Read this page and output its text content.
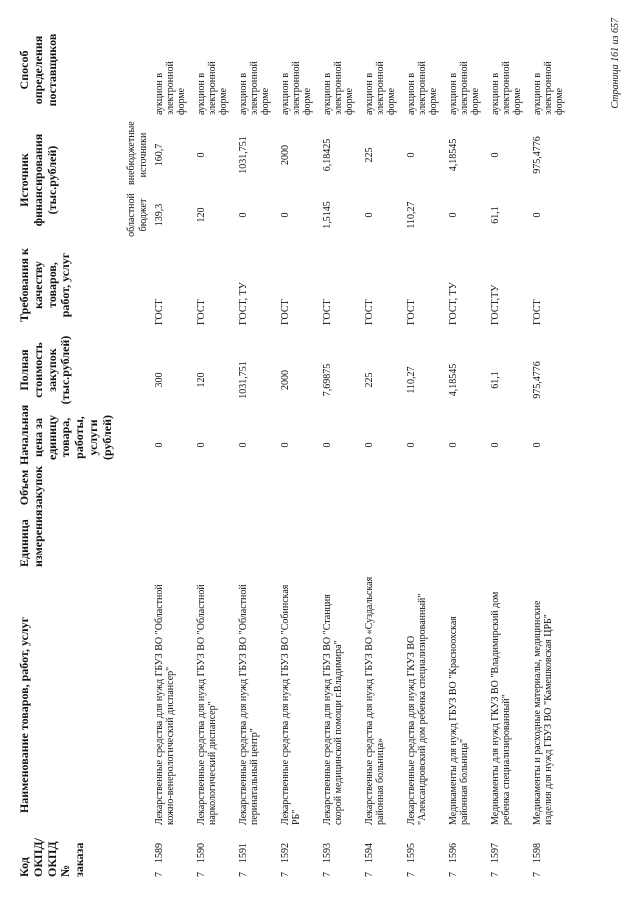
Код ОКПД/ ОКПД № заказа
Наименование товаров, работ, услуг
Единица измерения
Объем закупок
Начальная цена за единицу товара, работы, услуги (рублей)
Полная стоимость закупок (тыс.рублей)
Требования к качеству товаров, работ, услуг
Источник финансирования (тыс.рублей)
областной бюджет
внебюджетные источники
Способ определения поставщиков
7
1589
Лекарственные средства для нужд ГБУЗ ВО "Областной кожно-венерологический диспансер"
0
300
ГОСТ
139,3
160,7
аукцион в электронной форме
7
1590
Лекарственные средства для нужд ГБУЗ ВО "Областной наркологический диспансер"
0
120
ГОСТ
120
0
аукцион в электронной форме
7
1591
Лекарственные средства для нужд ГБУЗ ВО "Областной перинатальный центр"
0
1031,751
ГОСТ, ТУ
0
1031,751
аукцион в электронной форме
7
1592
Лекарственные средства для нужд ГБУЗ ВО "Собинская РБ"
0
2000
ГОСТ
0
2000
аукцион в электронной форме
7
1593
Лекарственные средства для нужд ГБУЗ ВО "Станция скорой медицинской помощи г.Владимира"
0
7,69875
ГОСТ
1,5145
6,18425
аукцион в электронной форме
7
1594
Лекарственные средства для нужд ГБУЗ ВО «Суздальская районная больница»
0
225
ГОСТ
0
225
аукцион в электронной форме
7
1595
Лекарственные средства для нужд ГКУЗ ВО "Александровский дом ребенка специализированный"
0
110,27
ГОСТ
110,27
0
аукцион в электронной форме
7
1596
Медикаменты для нужд ГБУЗ ВО "Красноохская районная больница"
0
4,18545
ГОСТ, ТУ
0
4,18545
аукцион в электронной форме
7
1597
Медикаменты для нужд ГКУЗ ВО "Владимирский дом ребенка специализированный"
0
61,1
ГОСТ,ТУ
61,1
0
аукцион в электронной форме
7
1598
Медикаменты и расходные материалы, медицинские изделия для нужд ГБУЗ ВО "Камешковская ЦРБ"
0
975,4776
ГОСТ
0
975,4776
аукцион в электронной форме	Страница 161 из 657
